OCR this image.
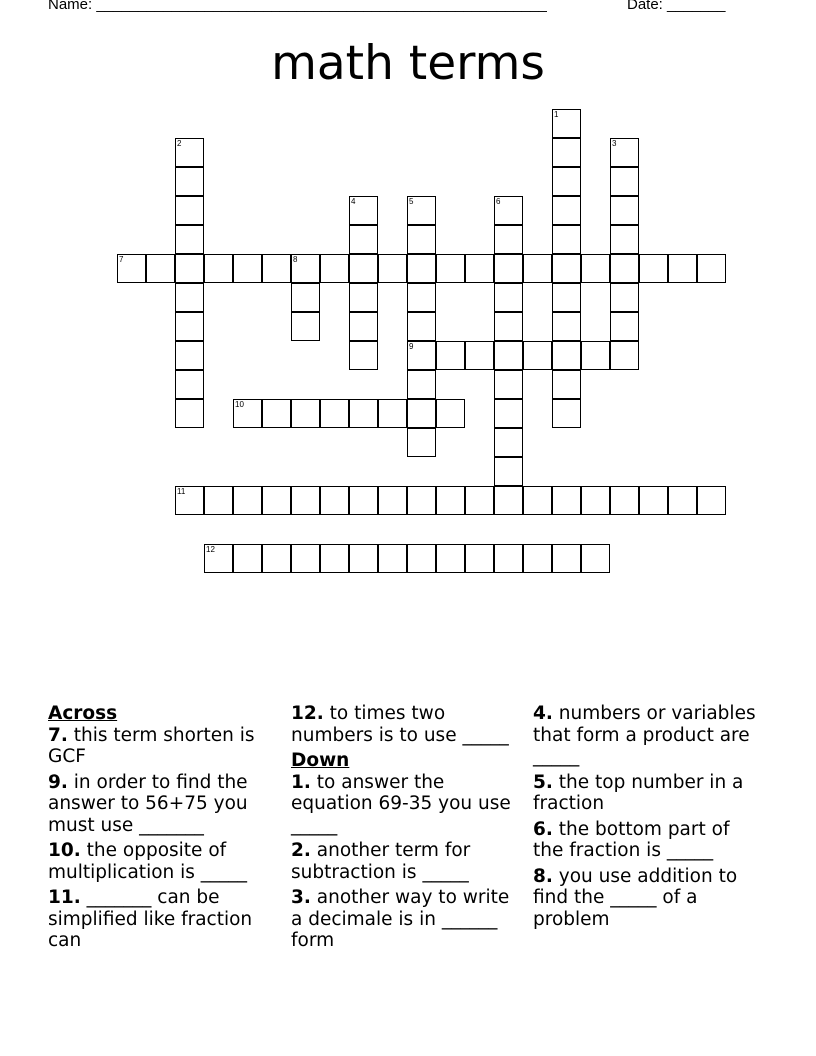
Name: ______________________________________________________	Date: _______
math terms
1
2	3
4	5
9
6
7	8
10
11
12
Across
7. this term shorten is GCF
9. in order to find the answer to 56+75 you must use _______
10. the opposite of multiplication is _____
11. _______ can be simplified like fraction can
12. to times two numbers is to use _____
Down
1. to answer the equation 69-35 you use _____
2. another term for subtraction is _____
3. another way to write a decimale is in ______ form
4. numbers or variables that form a product are _____
5. the top number in a fraction
6. the bottom part of the fraction is _____
8. you use addition to find the _____ of a problem
